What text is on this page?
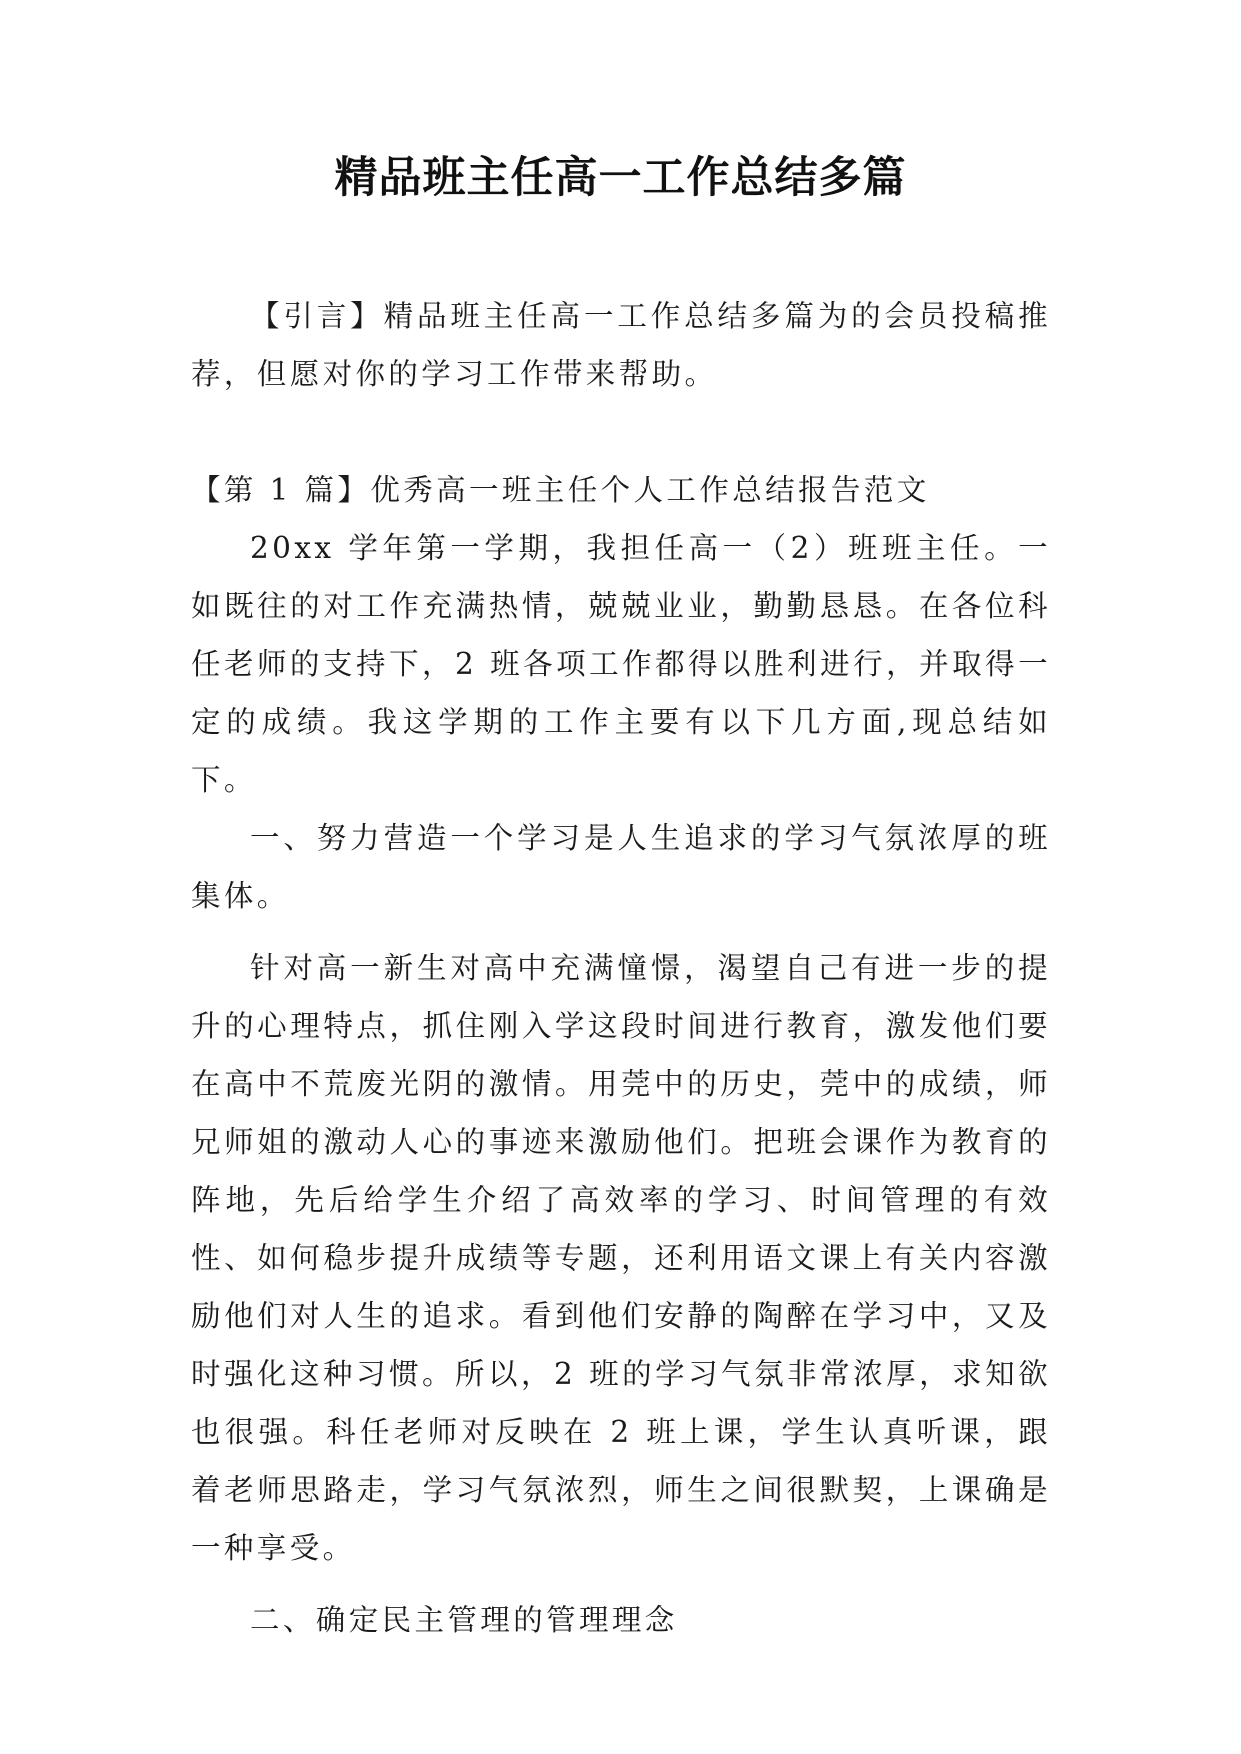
精品班主任高一工作总结多篇

【引言】精品班主任高一工作总结多篇为的会员投稿推荐，但愿对你的学习工作带来帮助。

【第 1 篇】优秀高一班主任个人工作总结报告范文

20xx 学年第一学期，我担任高一（2）班班主任。一如既往的对工作充满热情，兢兢业业，勤勤恳恳。在各位科任老师的支持下，2 班各项工作都得以胜利进行，并取得一定的成绩。我这学期的工作主要有以下几方面,现总结如下。

一、努力营造一个学习是人生追求的学习气氛浓厚的班集体。

针对高一新生对高中充满憧憬，渴望自己有进一步的提升的心理特点，抓住刚入学这段时间进行教育，激发他们要在高中不荒废光阴的激情。用莞中的历史，莞中的成绩，师兄师姐的激动人心的事迹来激励他们。把班会课作为教育的阵地，先后给学生介绍了高效率的学习、时间管理的有效性、如何稳步提升成绩等专题，还利用语文课上有关内容激励他们对人生的追求。看到他们安静的陶醉在学习中，又及时强化这种习惯。所以，2 班的学习气氛非常浓厚，求知欲也很强。科任老师对反映在 2 班上课，学生认真听课，跟着老师思路走，学习气氛浓烈，师生之间很默契，上课确是一种享受。

二、确定民主管理的管理理念
